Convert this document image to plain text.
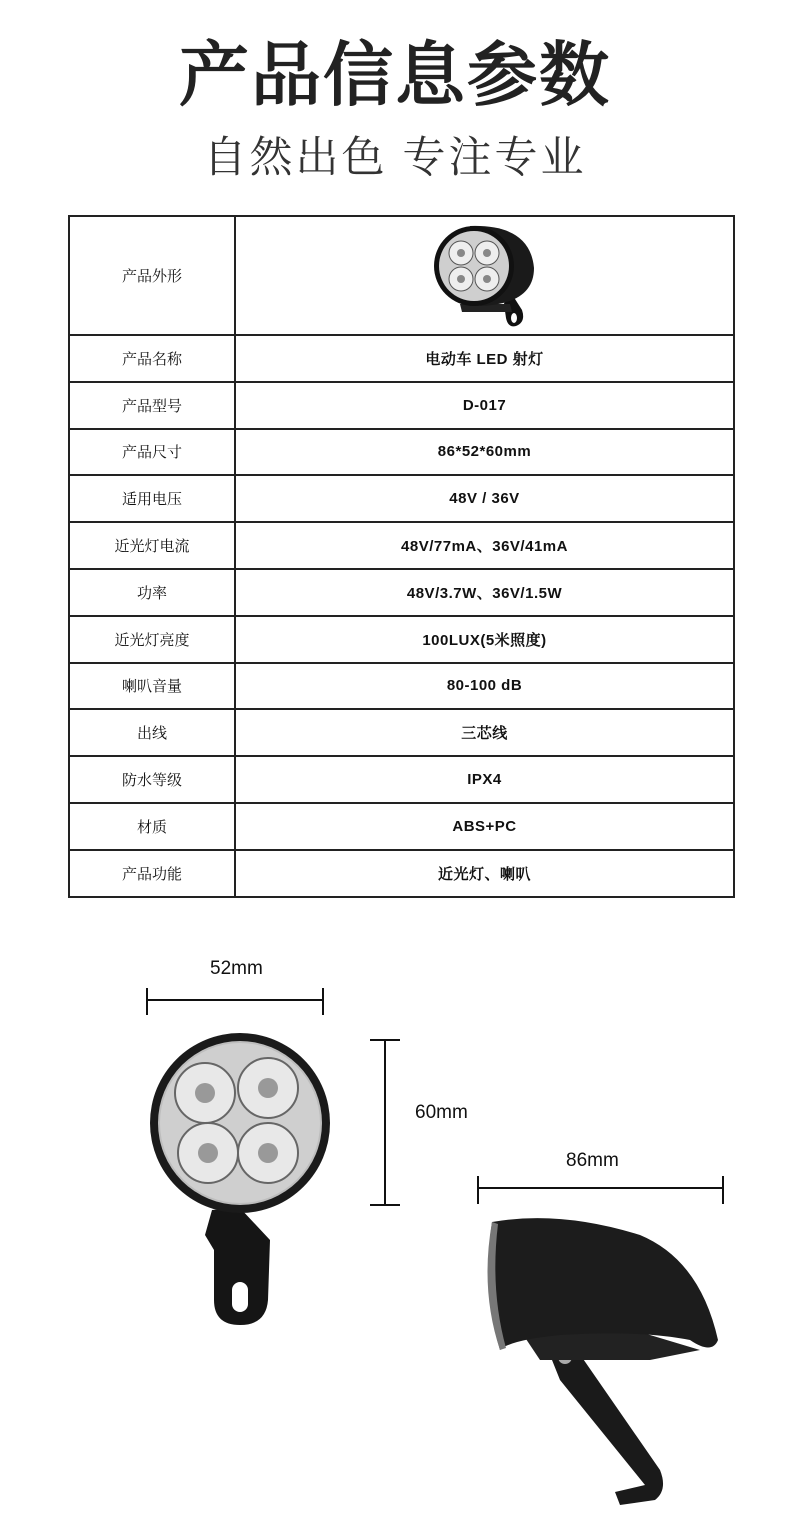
产品信息参数
自然出色 专注专业
产品外形	
产品名称	电动车 LED 射灯
产品型号	D-017
产品尺寸	86*52*60mm
适用电压	48V / 36V
近光灯电流	48V/77mA、36V/41mA
功率	48V/3.7W、36V/1.5W
近光灯亮度	100LUX(5米照度)
喇叭音量	80-100 dB
出线	三芯线
防水等级	IPX4
材质	ABS+PC
产品功能	近光灯、喇叭
52mm
60mm
86mm
